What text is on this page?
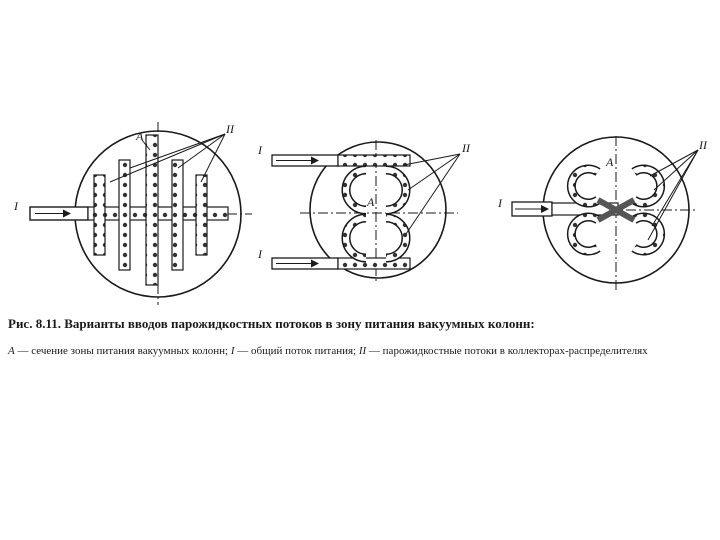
A
I
II
I
I
A
II
A
I
II
Рис. 8.11. Варианты вводов парожидкостных потоков в зону питания вакуумных колонн:
А — сечение зоны питания вакуумных колонн; I — общий поток питания; II — парожидкостные потоки в коллекторах-распределителях
